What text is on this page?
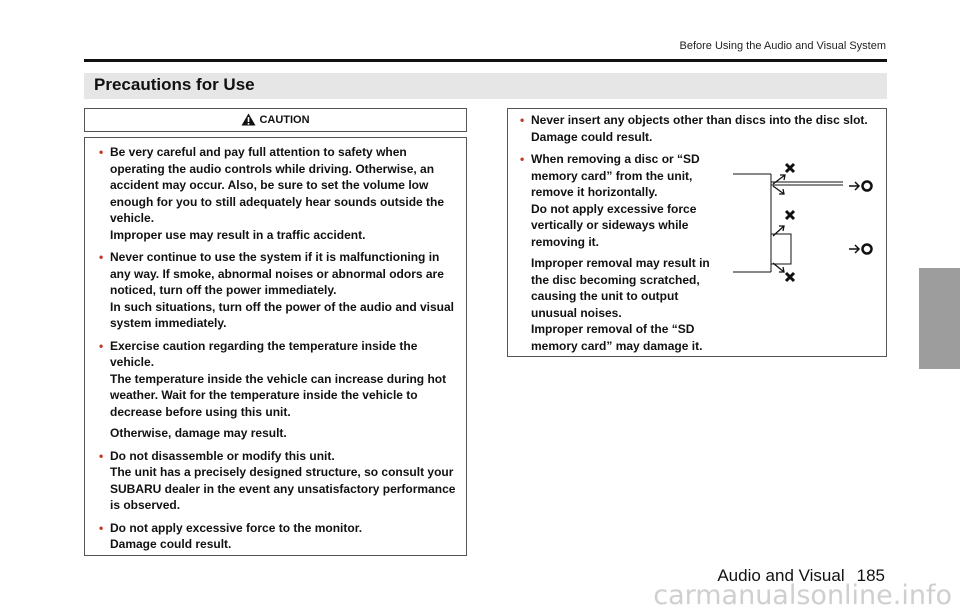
Before Using the Audio and Visual System
Precautions for Use
CAUTION
• Be very careful and pay full attention to safety when operating the audio controls while driving. Otherwise, an accident may occur. Also, be sure to set the volume low enough for you to still adequately hear sounds outside the vehicle.

Improper use may result in a traffic accident.

• Never continue to use the system if it is malfunctioning in any way. If smoke, abnormal noises or abnormal odors are noticed, turn off the power immediately.

In such situations, turn off the power of the audio and visual system immediately.

• Exercise caution regarding the temperature inside the vehicle.

The temperature inside the vehicle can increase during hot weather. Wait for the temperature inside the vehicle to decrease before using this unit.

Otherwise, damage may result.

• Do not disassemble or modify this unit.

The unit has a precisely designed structure, so consult your SUBARU dealer in the event any unsatisfactory performance is observed.

• Do not apply excessive force to the monitor.

Damage could result.

• Never insert any objects other than discs into the disc slot.

Damage could result.

• When removing a disc or “SD memory card” from the unit, remove it horizontally.

Do not apply excessive force vertically or sideways while removing it.

Improper removal may result in the disc becoming scratched, causing the unit to output unusual noises.

Improper removal of the “SD memory card” may damage it.

Audio and Visual 185
carmanualsonline.info
